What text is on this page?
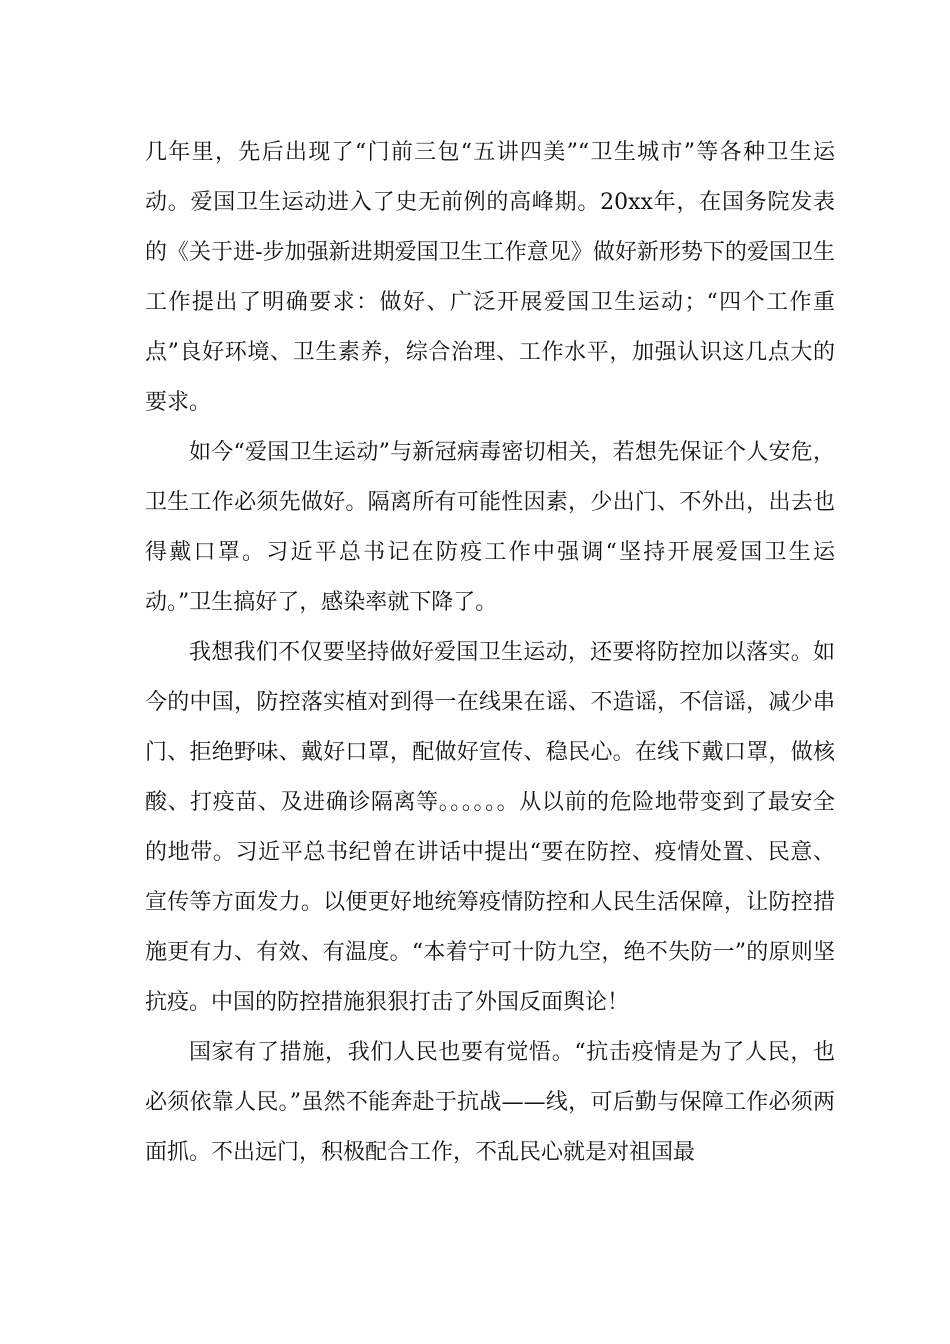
几年里，先后出现了“门前三包“五讲四美”“卫生城市”等各种卫生运动。爱国卫生运动进入了史无前例的高峰期。20xx年，在国务院发表的《关于进-步加强新进期爱国卫生工作意见》做好新形势下的爱国卫生工作提出了明确要求：做好、广泛开展爱国卫生运动；“四个工作重点”良好环境、卫生素养，综合治理、工作水平，加强认识这几点大的要求。

如今“爱国卫生运动”与新冠病毒密切相关，若想先保证个人安危，卫生工作必须先做好。隔离所有可能性因素，少出门、不外出，出去也得戴口罩。习近平总书记在防疫工作中强调“坚持开展爱国卫生运动。”卫生搞好了，感染率就下降了。

我想我们不仅要坚持做好爱国卫生运动，还要将防控加以落实。如今的中国，防控落实植对到得一在线果在谣、不造谣，不信谣，减少串门、拒绝野味、戴好口罩，配做好宣传、稳民心。在线下戴口罩，做核酸、打疫苗、及进确诊隔离等。。。。。。从以前的危险地带变到了最安全的地带。习近平总书纪曾在讲话中提出“要在防控、疫情处置、民意、宣传等方面发力。以便更好地统筹疫情防控和人民生活保障，让防控措施更有力、有效、有温度。“本着宁可十防九空，绝不失防一”的原则坚抗疫。中国的防控措施狠狠打击了外国反面舆论！

国家有了措施，我们人民也要有觉悟。“抗击疫情是为了人民，也必须依靠人民。”虽然不能奔赴于抗战——线，可后勤与保障工作必须两面抓。不出远门，积极配合工作，不乱民心就是对祖国最
